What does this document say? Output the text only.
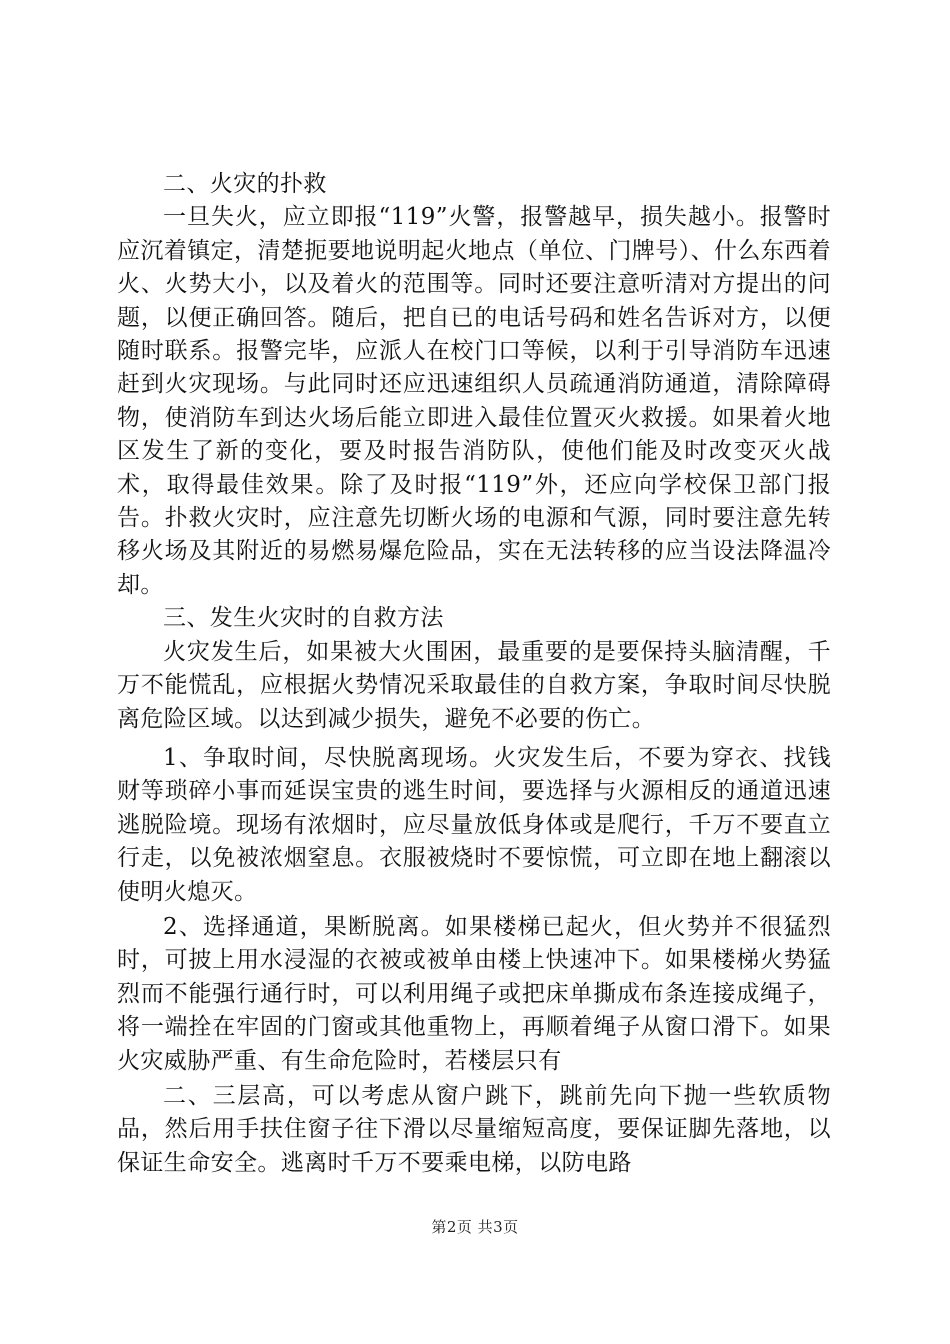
二、火灾的扑救

一旦失火，应立即报“119”火警，报警越早，损失越小。报警时应沉着镇定，清楚扼要地说明起火地点（单位、门牌号）、什么东西着火、火势大小，以及着火的范围等。同时还要注意听清对方提出的问题，以便正确回答。随后，把自已的电话号码和姓名告诉对方，以便随时联系。报警完毕，应派人在校门口等候，以利于引导消防车迅速赶到火灾现场。与此同时还应迅速组织人员疏通消防通道，清除障碍物，使消防车到达火场后能立即进入最佳位置灭火救援。如果着火地区发生了新的变化，要及时报告消防队，使他们能及时改变灭火战术，取得最佳效果。除了及时报“119”外，还应向学校保卫部门报告。扑救火灾时，应注意先切断火场的电源和气源，同时要注意先转移火场及其附近的易燃易爆危险品，实在无法转移的应当设法降温冷却。

三、发生火灾时的自救方法

火灾发生后，如果被大火围困，最重要的是要保持头脑清醒，千万不能慌乱，应根据火势情况采取最佳的自救方案，争取时间尽快脱离危险区域。以达到减少损失，避免不必要的伤亡。

1、争取时间，尽快脱离现场。火灾发生后，不要为穿衣、找钱财等琐碎小事而延误宝贵的逃生时间，要选择与火源相反的通道迅速逃脱险境。现场有浓烟时，应尽量放低身体或是爬行，千万不要直立行走，以免被浓烟窒息。衣服被烧时不要惊慌，可立即在地上翻滚以使明火熄灭。

2、选择通道，果断脱离。如果楼梯已起火，但火势并不很猛烈时，可披上用水浸湿的衣被或被单由楼上快速冲下。如果楼梯火势猛烈而不能强行通行时，可以利用绳子或把床单撕成布条连接成绳子，将一端拴在牢固的门窗或其他重物上，再顺着绳子从窗口滑下。如果火灾威胁严重、有生命危险时，若楼层只有

二、三层高，可以考虑从窗户跳下，跳前先向下抛一些软质物品，然后用手扶住窗子往下滑以尽量缩短高度，要保证脚先落地，以保证生命安全。逃离时千万不要乘电梯，以防电路

第2页 共3页
